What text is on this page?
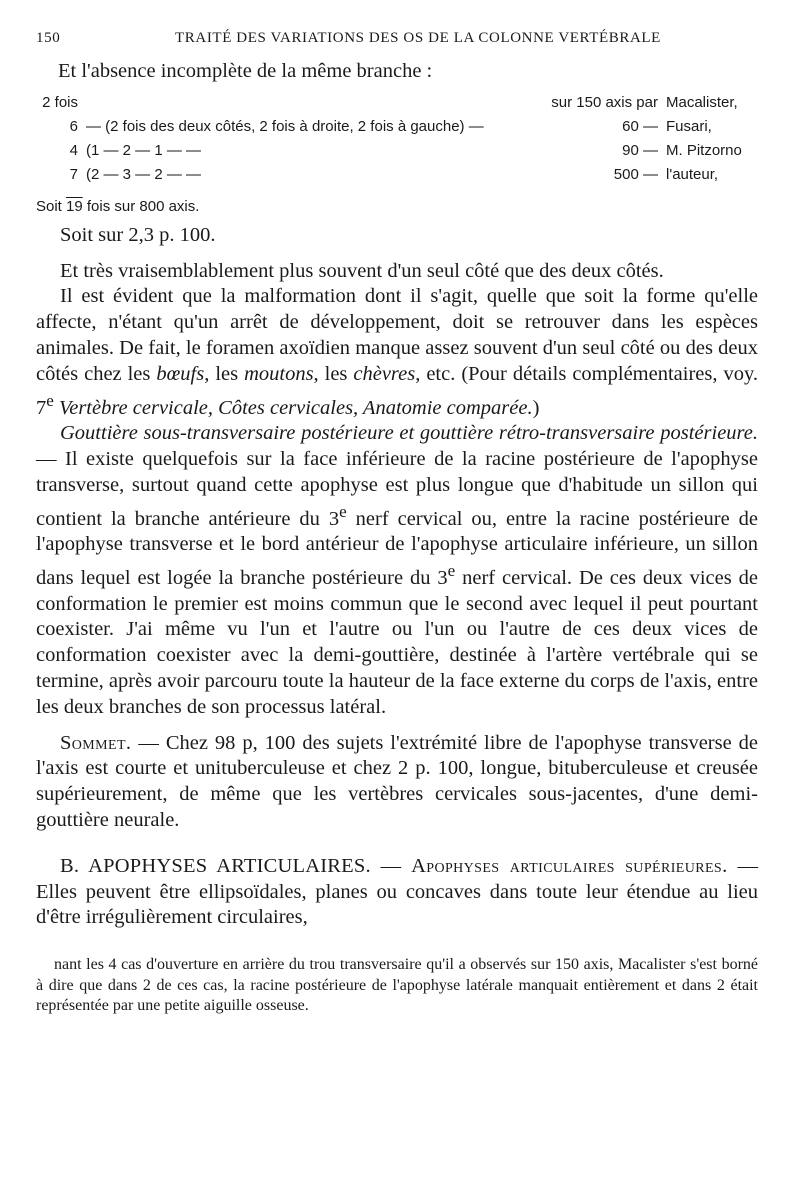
150	TRAITÉ DES VARIATIONS DES OS DE LA COLONNE VERTÉBRALE

Et l'absence incomplète de la même branche :

2 fois		sur 150 axis par	Macalister,
6	— (2 fois des deux côtés, 2 fois à droite, 2 fois à gauche) —	60 —	Fusari,
4	(1 — 2 — 1 — —	90 —	M. Pitzorno
7	(2 — 3 — 2 — —	500 —	l'auteur,

Soit 19 fois sur 800 axis.

Soit sur 2,3 p. 100.

Et très vraisemblablement plus souvent d'un seul côté que des deux côtés.

Il est évident que la malformation dont il s'agit, quelle que soit la forme qu'elle affecte, n'étant qu'un arrêt de développement, doit se retrouver dans les espèces animales. De fait, le foramen axoïdien manque assez souvent d'un seul côté ou des deux côtés chez les bœufs, les moutons, les chèvres, etc. (Pour détails complémentaires, voy. 7e Vertèbre cervicale, Côtes cervicales, Anatomie comparée.)

Gouttière sous-transversaire postérieure et gouttière rétro-transversaire postérieure. — Il existe quelquefois sur la face inférieure de la racine postérieure de l'apophyse transverse, surtout quand cette apophyse est plus longue que d'habitude un sillon qui contient la branche antérieure du 3e nerf cervical ou, entre la racine postérieure de l'apophyse transverse et le bord antérieur de l'apophyse articulaire inférieure, un sillon dans lequel est logée la branche postérieure du 3e nerf cervical. De ces deux vices de conformation le premier est moins commun que le second avec lequel il peut pourtant coexister. J'ai même vu l'un et l'autre ou l'un ou l'autre de ces deux vices de conformation coexister avec la demi-gouttière, destinée à l'artère vertébrale qui se termine, après avoir parcouru toute la hauteur de la face externe du corps de l'axis, entre les deux branches de son processus latéral.

Sommet. — Chez 98 p, 100 des sujets l'extrémité libre de l'apophyse transverse de l'axis est courte et unituberculeuse et chez 2 p. 100, longue, bituberculeuse et creusée supérieurement, de même que les vertèbres cervicales sous-jacentes, d'une demi-gouttière neurale.

B. APOPHYSES ARTICULAIRES. — Apophyses articulaires supérieures. — Elles peuvent être ellipsoïdales, planes ou concaves dans toute leur étendue au lieu d'être irrégulièrement circulaires,

nant les 4 cas d'ouverture en arrière du trou transversaire qu'il a observés sur 150 axis, Macalister s'est borné à dire que dans 2 de ces cas, la racine postérieure de l'apophyse latérale manquait entièrement et dans 2 était représentée par une petite aiguille osseuse.
